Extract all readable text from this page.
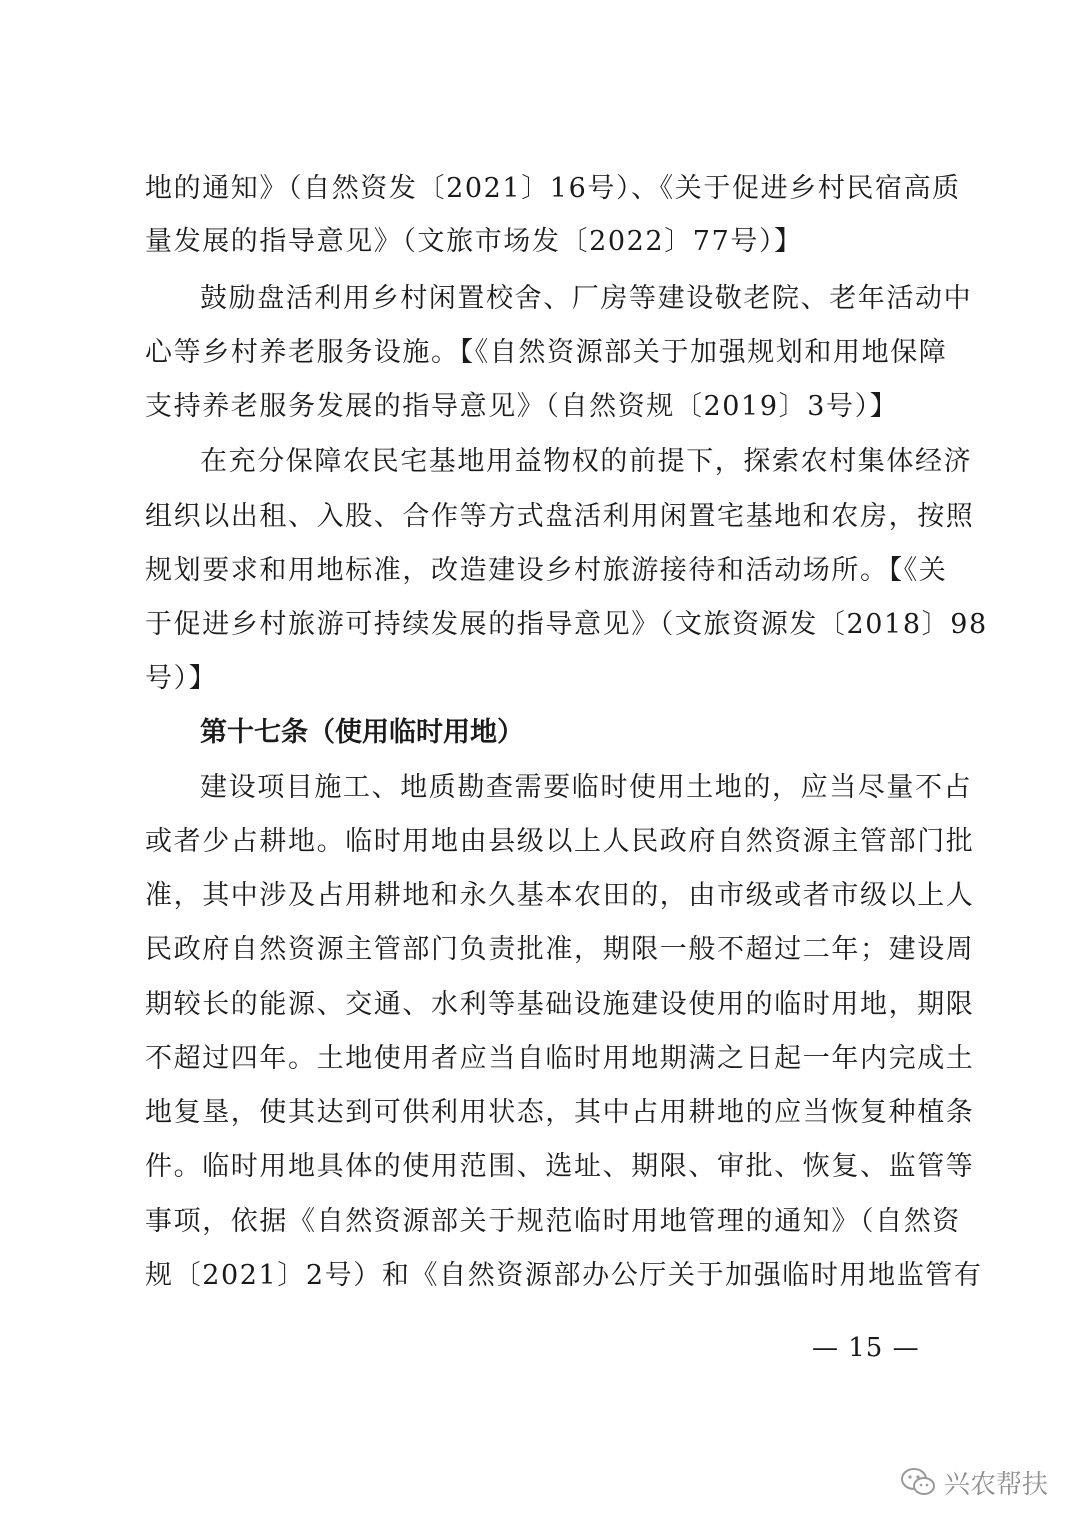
地的通知》（自然资发〔2021〕16号）、《关于促进乡村民宿高质
量发展的指导意见》（文旅市场发〔2022〕77号）】
鼓励盘活利用乡村闲置校舍、厂房等建设敬老院、老年活动中
心等乡村养老服务设施。【《自然资源部关于加强规划和用地保障
支持养老服务发展的指导意见》（自然资规〔2019〕3号）】
在充分保障农民宅基地用益物权的前提下，探索农村集体经济
组织以出租、入股、合作等方式盘活利用闲置宅基地和农房，按照
规划要求和用地标准，改造建设乡村旅游接待和活动场所。【《关
于促进乡村旅游可持续发展的指导意见》（文旅资源发〔2018〕98
号）】
第十七条（使用临时用地）
建设项目施工、地质勘查需要临时使用土地的，应当尽量不占
或者少占耕地。临时用地由县级以上人民政府自然资源主管部门批
准，其中涉及占用耕地和永久基本农田的，由市级或者市级以上人
民政府自然资源主管部门负责批准，期限一般不超过二年；建设周
期较长的能源、交通、水利等基础设施建设使用的临时用地，期限
不超过四年。土地使用者应当自临时用地期满之日起一年内完成土
地复垦，使其达到可供利用状态，其中占用耕地的应当恢复种植条
件。临时用地具体的使用范围、选址、期限、审批、恢复、监管等
事项，依据《自然资源部关于规范临时用地管理的通知》（自然资
规〔2021〕2号）和《自然资源部办公厅关于加强临时用地监管有
— 15 —
兴农帮扶
